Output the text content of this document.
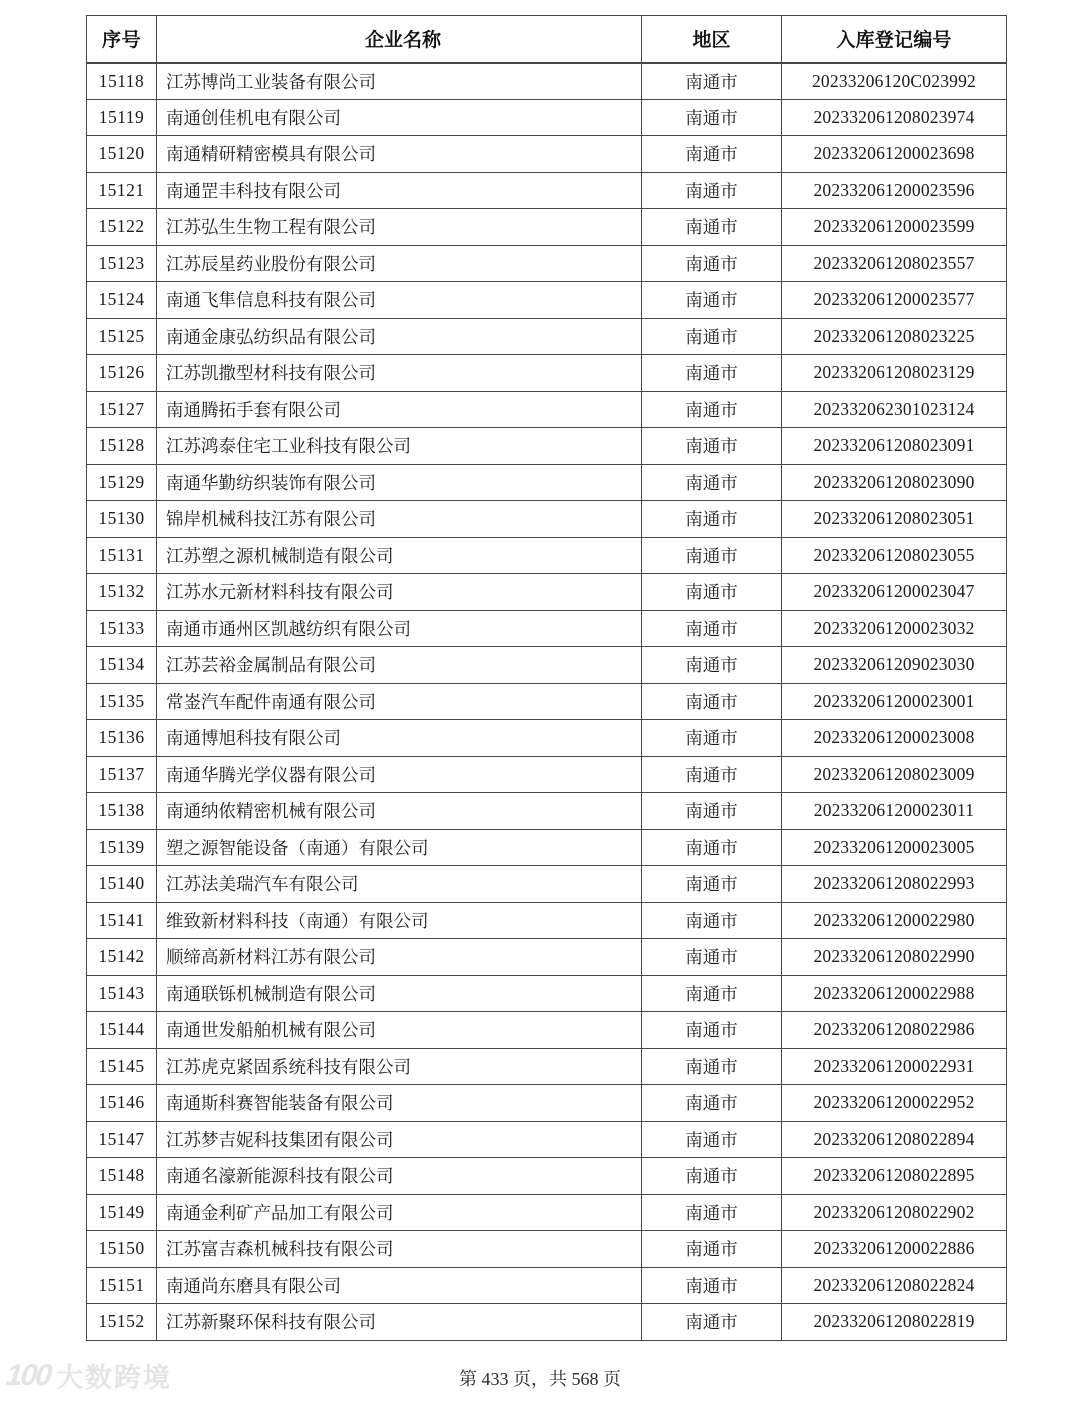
序号	企业名称	地区	入库登记编号
15118	江苏博尚工业装备有限公司	南通市	20233206120C023992
15119	南通创佳机电有限公司	南通市	202332061208023974
15120	南通精研精密模具有限公司	南通市	202332061200023698
15121	南通罡丰科技有限公司	南通市	202332061200023596
15122	江苏弘生生物工程有限公司	南通市	202332061200023599
15123	江苏辰星药业股份有限公司	南通市	202332061208023557
15124	南通飞隼信息科技有限公司	南通市	202332061200023577
15125	南通金康弘纺织品有限公司	南通市	202332061208023225
15126	江苏凯撒型材科技有限公司	南通市	202332061208023129
15127	南通腾拓手套有限公司	南通市	202332062301023124
15128	江苏鸿泰住宅工业科技有限公司	南通市	202332061208023091
15129	南通华勤纺织装饰有限公司	南通市	202332061208023090
15130	锦岸机械科技江苏有限公司	南通市	202332061208023051
15131	江苏塑之源机械制造有限公司	南通市	202332061208023055
15132	江苏水元新材料科技有限公司	南通市	202332061200023047
15133	南通市通州区凯越纺织有限公司	南通市	202332061200023032
15134	江苏芸裕金属制品有限公司	南通市	202332061209023030
15135	常崟汽车配件南通有限公司	南通市	202332061200023001
15136	南通博旭科技有限公司	南通市	202332061200023008
15137	南通华腾光学仪器有限公司	南通市	202332061208023009
15138	南通纳侬精密机械有限公司	南通市	202332061200023011
15139	塑之源智能设备（南通）有限公司	南通市	202332061200023005
15140	江苏法美瑞汽车有限公司	南通市	202332061208022993
15141	维致新材料科技（南通）有限公司	南通市	202332061200022980
15142	顺缔高新材料江苏有限公司	南通市	202332061208022990
15143	南通联铄机械制造有限公司	南通市	202332061200022988
15144	南通世发船舶机械有限公司	南通市	202332061208022986
15145	江苏虎克紧固系统科技有限公司	南通市	202332061200022931
15146	南通斯科赛智能装备有限公司	南通市	202332061200022952
15147	江苏梦吉妮科技集团有限公司	南通市	202332061208022894
15148	南通名濠新能源科技有限公司	南通市	202332061208022895
15149	南通金利矿产品加工有限公司	南通市	202332061208022902
15150	江苏富吉森机械科技有限公司	南通市	202332061200022886
15151	南通尚东磨具有限公司	南通市	202332061208022824
15152	江苏新聚环保科技有限公司	南通市	202332061208022819
100 大数跨境	第 433 页，共 568 页
